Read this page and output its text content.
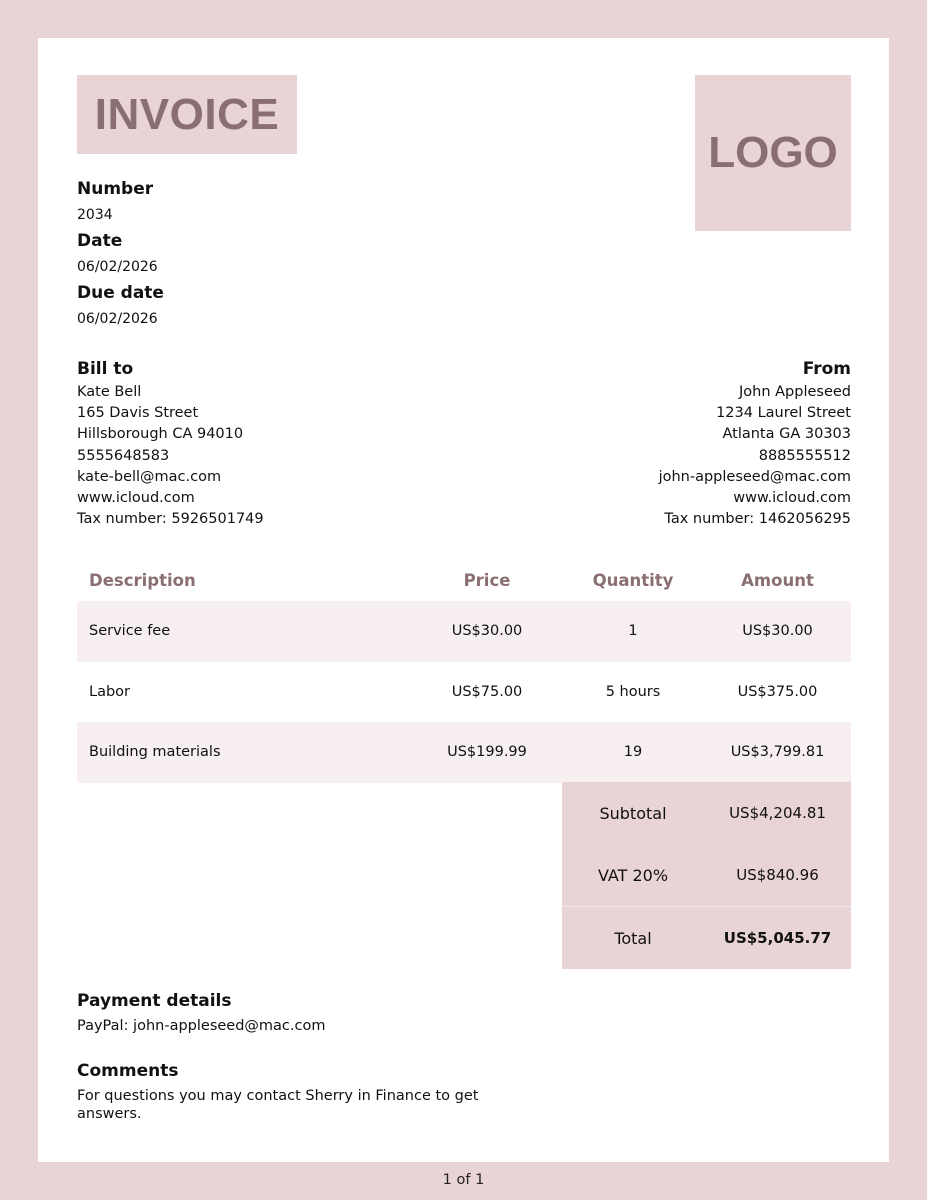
INVOICE
LOGO
Number
2034
Date
06/02/2026
Due date
06/02/2026
Bill to
Kate Bell
165 Davis Street
Hillsborough CA 94010
5555648583
kate-bell@mac.com
www.icloud.com
Tax number: 5926501749
From
John Appleseed
1234 Laurel Street
Atlanta GA 30303
8885555512
john-appleseed@mac.com
www.icloud.com
Tax number: 1462056295
Description	Price	Quantity	Amount
Service fee	US$30.00	1	US$30.00
Labor	US$75.00	5 hours	US$375.00
Building materials	US$199.99	19	US$3,799.81
Subtotal	US$4,204.81
VAT 20%	US$840.96
Total	US$5,045.77
Payment details
PayPal: john-appleseed@mac.com
Comments
For questions you may contact Sherry in Finance to get answers.
1 of 1
